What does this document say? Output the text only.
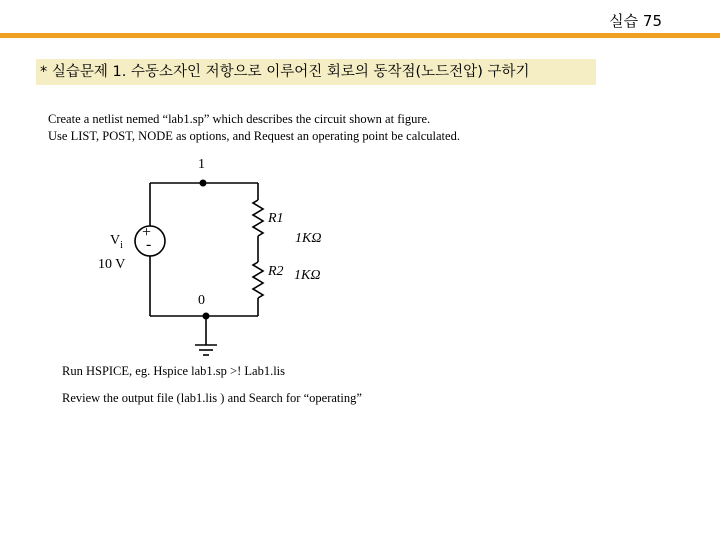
실습 75
* 실습문제 1. 수동소자인 저항으로 이루어진 회로의 동작점(노드전압) 구하기
Create a netlist nemed “lab1.sp” which describes the circuit shown at figure.
Use LIST, POST, NODE as options, and Request an operating point be calculated.
1
0
$V_i$
10 V
+
-
R1
1KΩ
R2 1KΩ
Run HSPICE, eg. Hspice lab1.sp >! Lab1.lis
Review the output file (lab1.lis ) and Search for “operating”
